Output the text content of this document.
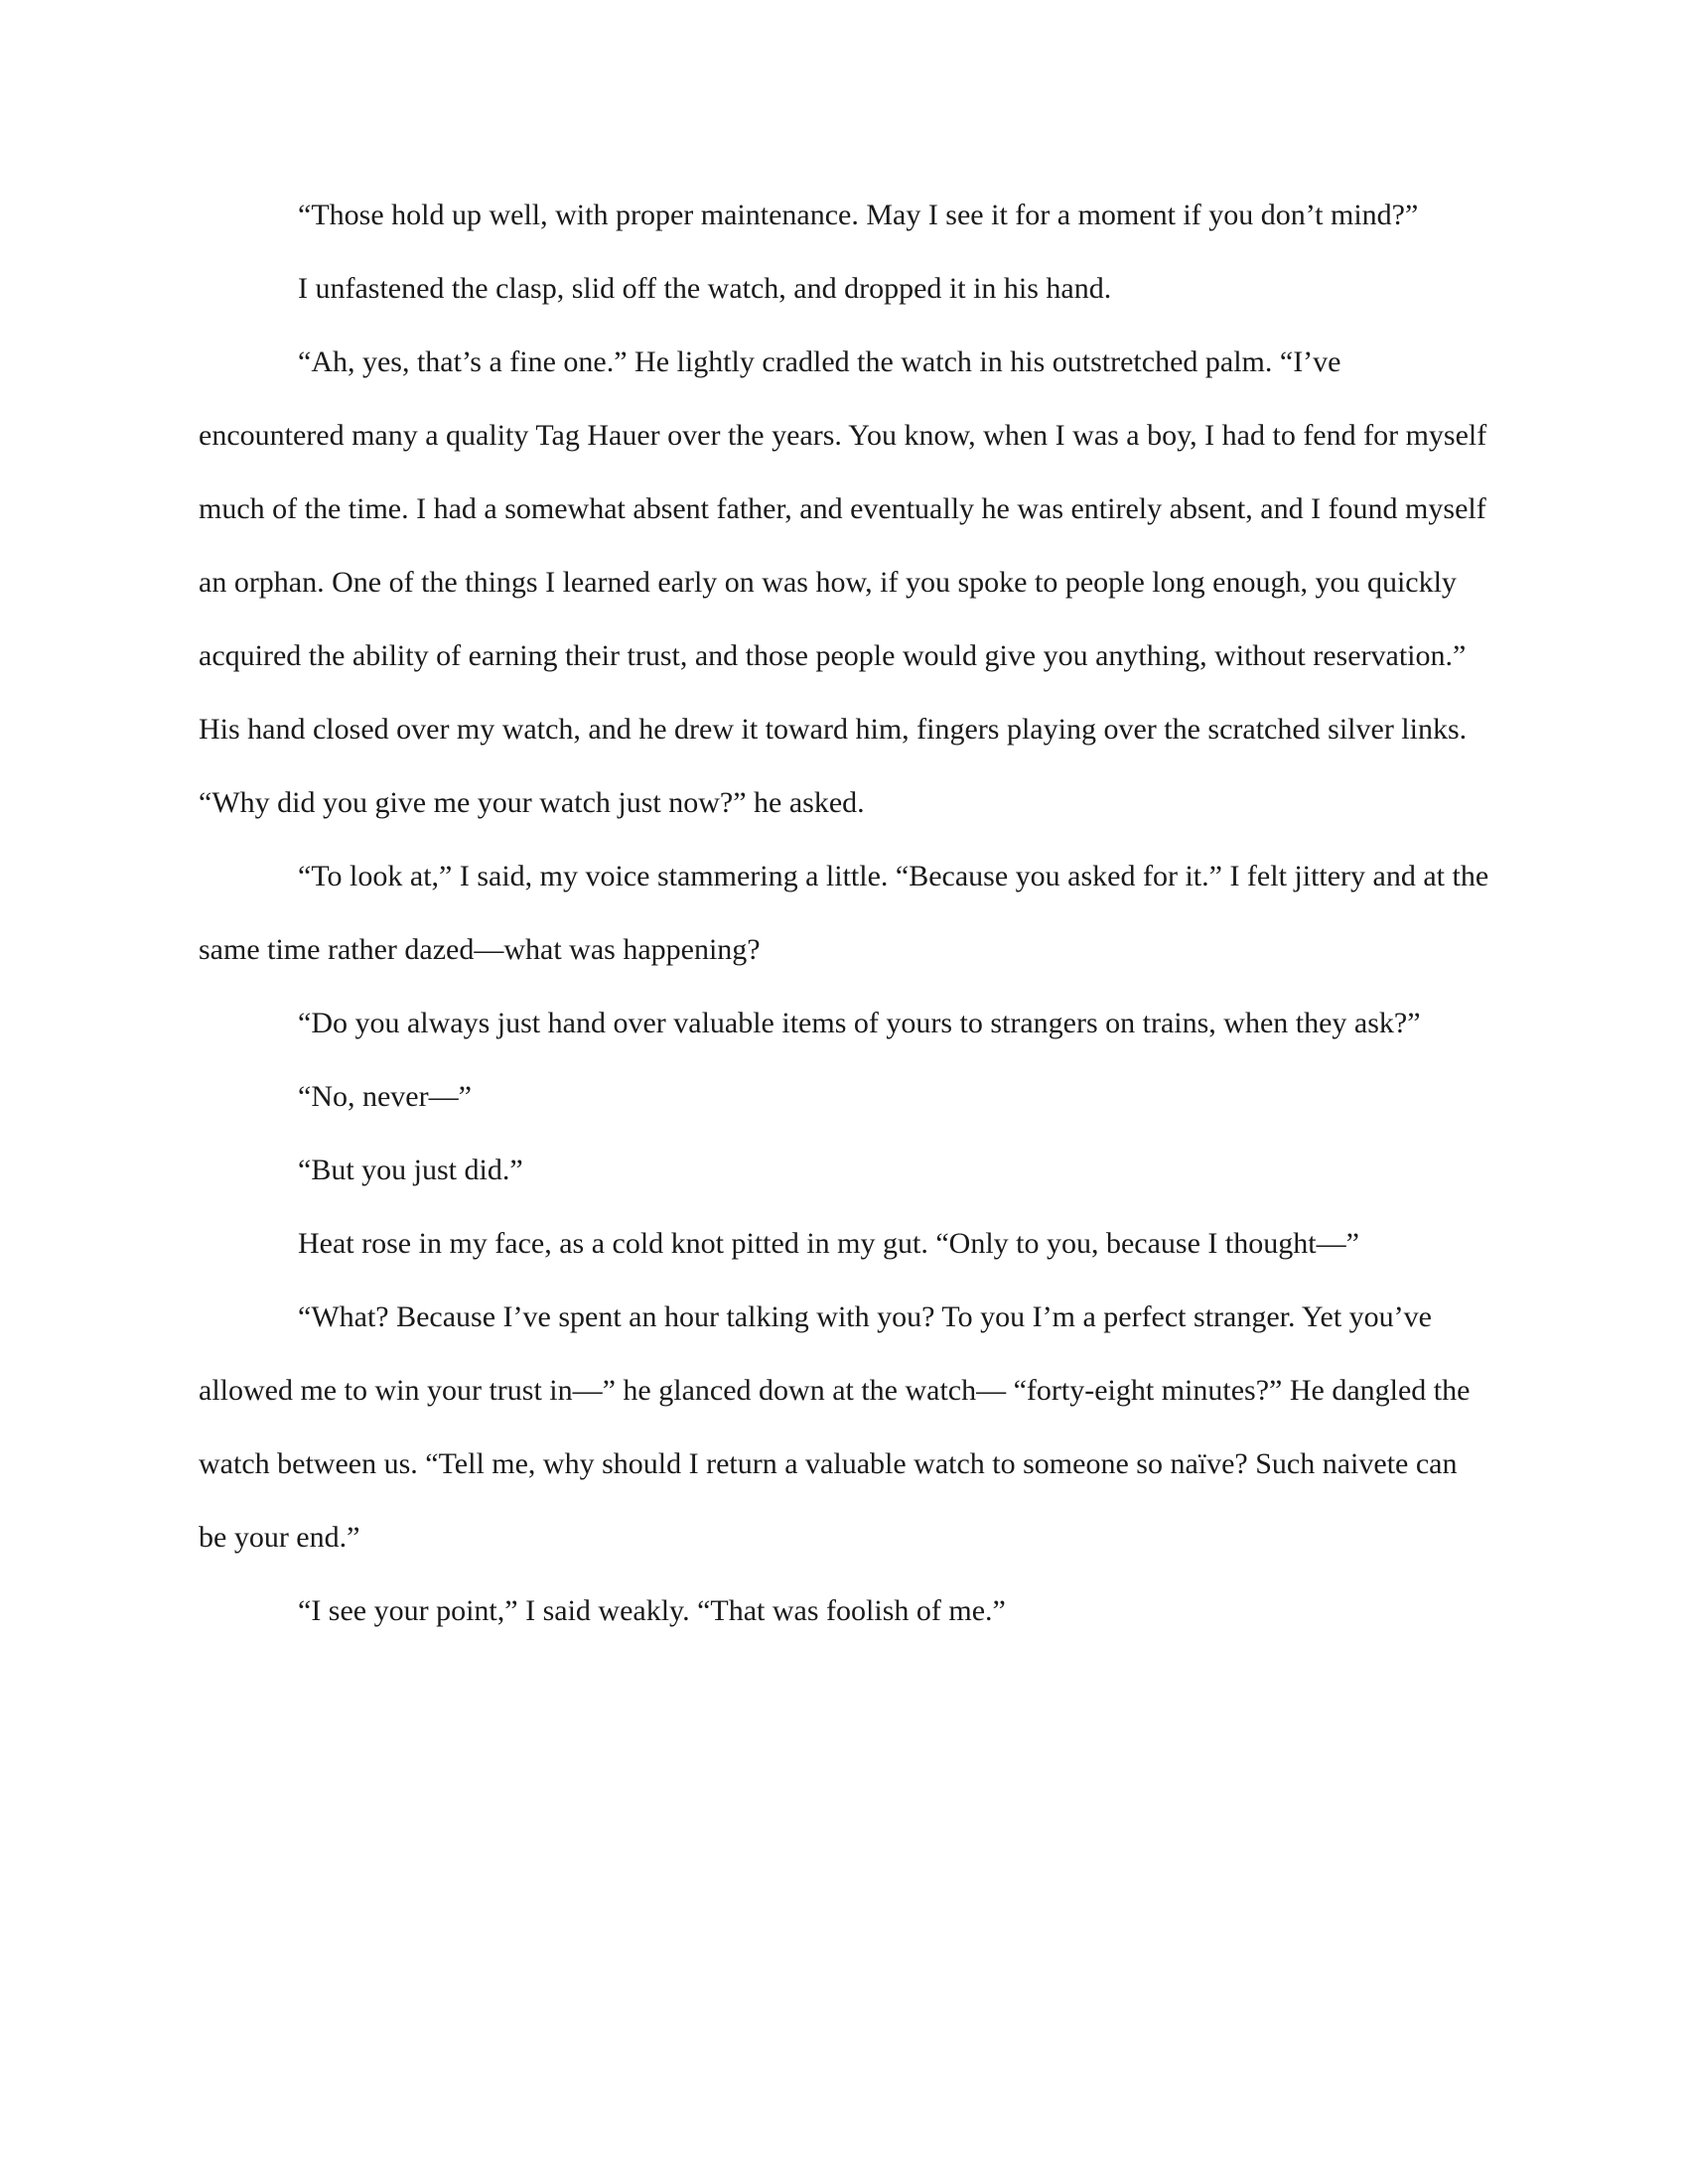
“Those hold up well, with proper maintenance. May I see it for a moment if you don’t mind?”

I unfastened the clasp, slid off the watch, and dropped it in his hand.

“Ah, yes, that’s a fine one.” He lightly cradled the watch in his outstretched palm. “I’ve encountered many a quality Tag Hauer over the years. You know, when I was a boy, I had to fend for myself much of the time. I had a somewhat absent father, and eventually he was entirely absent, and I found myself an orphan. One of the things I learned early on was how, if you spoke to people long enough, you quickly acquired the ability of earning their trust, and those people would give you anything, without reservation.” His hand closed over my watch, and he drew it toward him, fingers playing over the scratched silver links. “Why did you give me your watch just now?” he asked.

“To look at,” I said, my voice stammering a little. “Because you asked for it.” I felt jittery and at the same time rather dazed—what was happening?

“Do you always just hand over valuable items of yours to strangers on trains, when they ask?”

“No, never—”

“But you just did.”

Heat rose in my face, as a cold knot pitted in my gut. “Only to you, because I thought—”

“What? Because I’ve spent an hour talking with you? To you I’m a perfect stranger. Yet you’ve allowed me to win your trust in—” he glanced down at the watch— “forty-eight minutes?” He dangled the watch between us. “Tell me, why should I return a valuable watch to someone so naïve? Such naivete can be your end.”

“I see your point,” I said weakly. “That was foolish of me.”
